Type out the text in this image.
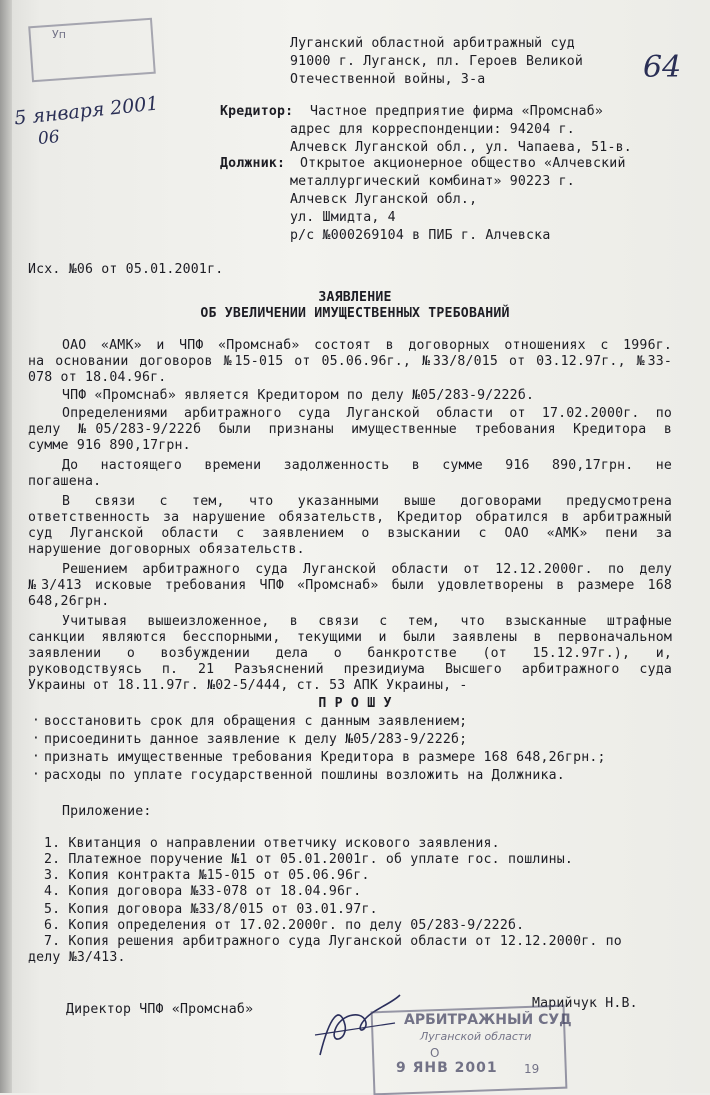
Уп
5 января 2001
06
64
Луганский областной арбитражный суд
91000 г. Луганск, пл. Героев Великой
Отечественной войны, 3-а
Кредитор: Частное предприятие фирма «Промснаб»
адрес для корреспонденции: 94204 г.
Алчевск Луганской обл., ул. Чапаева, 51-в.
Должник: Открытое акционерное общество «Алчевский
металлургический комбинат» 90223 г.
Алчевск Луганской обл.,
ул. Шмидта, 4
р/с №000269104 в ПИБ г. Алчевска
Исх. №06 от 05.01.2001г.
ЗАЯВЛЕНИЕ
ОБ УВЕЛИЧЕНИИ ИМУЩЕСТВЕННЫХ ТРЕБОВАНИЙ
ОАО «АМК» и ЧПФ «Промснаб» состоят в договорных отношениях с 1996г.
на основании договоров №15-015 от 05.06.96г., №33/8/015 от 03.12.97г., №33-
078 от 18.04.96г.
ЧПФ «Промснаб» является Кредитором по делу №05/283-9/222б.
Определениями арбитражного суда Луганской области от 17.02.2000г. по
делу №05/283-9/222б были признаны имущественные требования Кредитора в
сумме 916 890,17грн.
До настоящего времени задолженность в сумме 916 890,17грн. не
погашена.
В связи с тем, что указанными выше договорами предусмотрена
ответственность за нарушение обязательств, Кредитор обратился в арбитражный
суд Луганской области с заявлением о взыскании с ОАО «АМК» пени за
нарушение договорных обязательств.
Решением арбитражного суда Луганской области от 12.12.2000г. по делу
№3/413 исковые требования ЧПФ «Промснаб» были удовлетворены в размере 168
648,26грн.
Учитывая вышеизложенное, в связи с тем, что взысканные штрафные
санкции являются бесспорными, текущими и были заявлены в первоначальном
заявлении о возбуждении дела о банкротстве (от 15.12.97г.), и,
руководствуясь п. 21 Разъяснений президиума Высшего арбитражного суда
Украины от 18.11.97г. №02-5/444, ст. 53 АПК Украины, -
П Р О Ш У
· восстановить срок для обращения с данным заявлением;
· присоединить данное заявление к делу №05/283-9/222б;
· признать имущественные требования Кредитора в размере 168 648,26грн.;
· расходы по уплате государственной пошлины возложить на Должника.
Приложение:
1. Квитанция о направлении ответчику искового заявления.
2. Платежное поручение №1 от 05.01.2001г. об уплате гос. пошлины.
3. Копия контракта №15-015 от 05.06.96г.
4. Копия договора №33-078 от 18.04.96г.
5. Копия договора №33/8/015 от 03.01.97г.
6. Копия определения от 17.02.2000г. по делу 05/283-9/222б.
7. Копия решения арбитражного суда Луганской области от 12.12.2000г. по
делу №3/413.
Директор ЧПФ «Промснаб»	Марийчук Н.В.
АРБИТРАЖНЫЙ СУД
Луганской области
О
9 ЯНВ 2001 19
